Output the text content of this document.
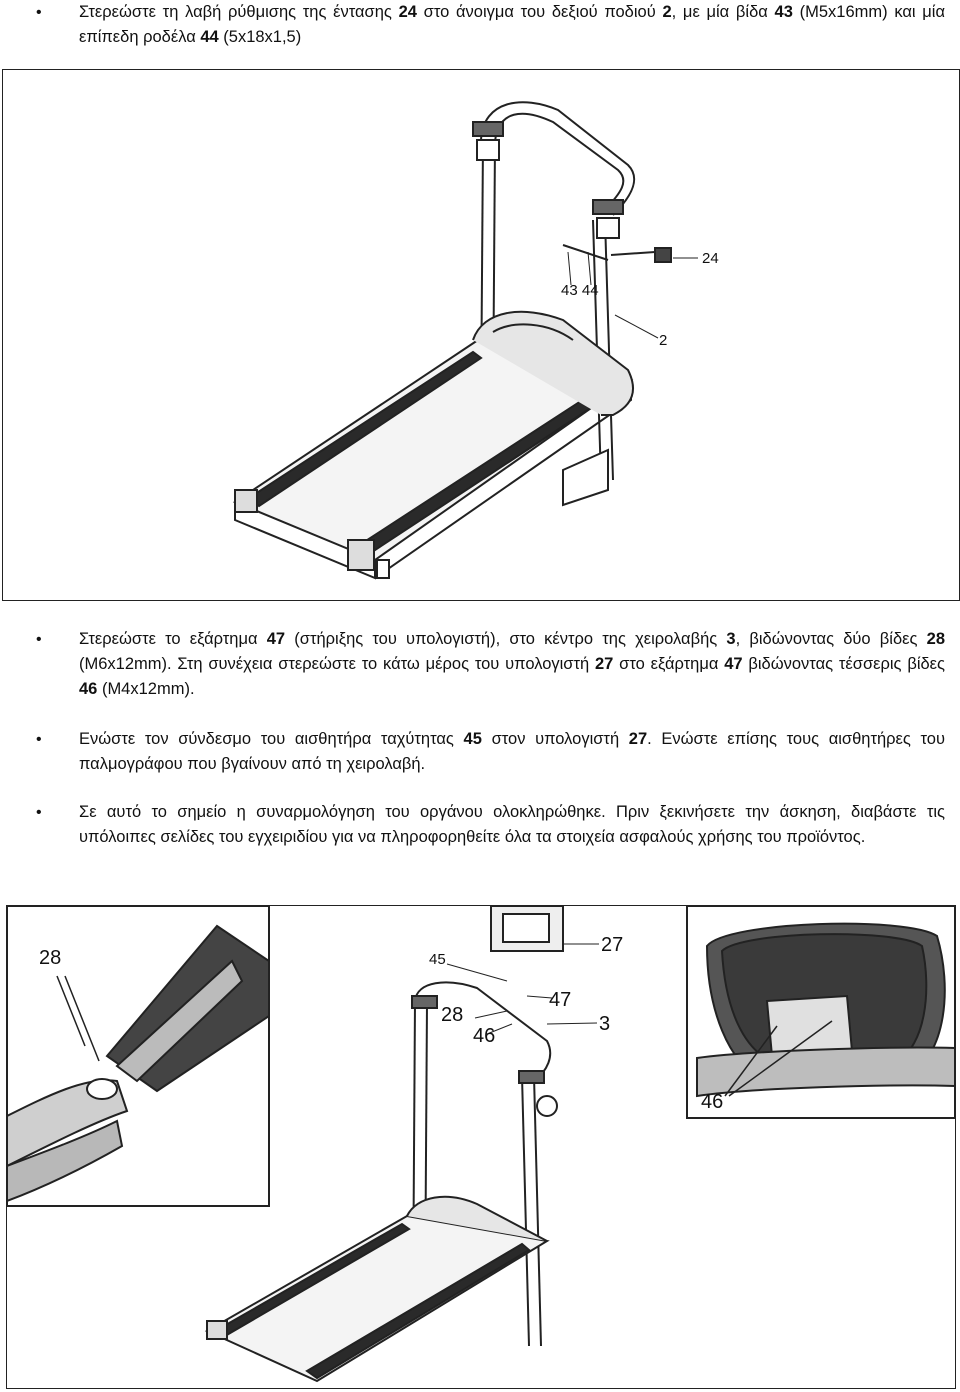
•

Στερεώστε τη λαβή ρύθμισης της έντασης 24 στο άνοιγμα του δεξιού ποδιού 2, με μία βίδα 43 (M5x16mm) και μία επίπεδη ροδέλα 44 (5x18x1,5)

24
43 44
2
•

Στερεώστε το εξάρτημα 47 (στήριξης του υπολογιστή), στο κέντρο της χειρολαβής 3, βιδώνοντας δύο βίδες 28 (M6x12mm). Στη συνέχεια στερεώστε το κάτω μέρος του υπολογιστή 27 στο εξάρτημα 47 βιδώνοντας τέσσερις βίδες 46 (M4x12mm).

•

Ενώστε τον σύνδεσμο του αισθητήρα ταχύτητας 45 στον υπολογιστή 27. Ενώστε επίσης τους αισθητήρες του παλμογράφου που βγαίνουν από τη χειρολαβή.

•

Σε αυτό το σημείο η συναρμολόγηση του οργάνου ολοκληρώθηκε. Πριν ξεκινήσετε την άσκηση, διαβάστε τις υπόλοιπες σελίδες του εγχειριδίου για να πληροφορηθείτε όλα τα στοιχεία ασφαλούς χρήσης του προϊόντος.

28
27
45
47
28
46
3
46
